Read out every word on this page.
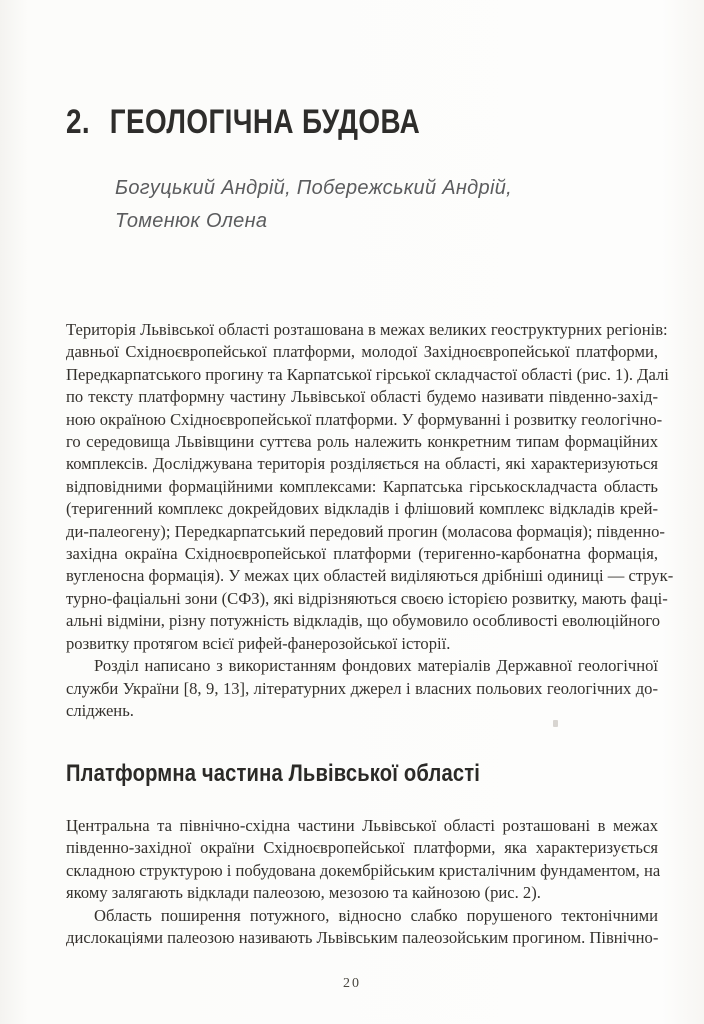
2. ГЕОЛОГІЧНА БУДОВА
Богуцький Андрій, Побережський Андрій,
Томенюк Олена
Територія Львівської області розташована в межах великих геоструктурних регіонів:
давньої Східноєвропейської платформи, молодої Західноєвропейської платформи,
Передкарпатського прогину та Карпатської гірської складчастої області (рис. 1). Далі
по тексту платформну частину Львівської області будемо називати південно-захід-
ною окраїною Східноєвропейської платформи. У формуванні і розвитку геологічно-
го середовища Львівщини суттєва роль належить конкретним типам формаційних
комплексів. Досліджувана територія розділяється на області, які характеризуються
відповідними формаційними комплексами: Карпатська гірськоскладчаста область
(теригенний комплекс докрейдових відкладів і флішовий комплекс відкладів крей-
ди-палеогену); Передкарпатський передовий прогин (моласова формація); південно-
західна окраїна Східноєвропейської платформи (теригенно-карбонатна формація,
вугленосна формація). У межах цих областей виділяються дрібніші одиниці — струк-
турно-фаціальні зони (СФЗ), які відрізняються своєю історією розвитку, мають фаці-
альні відміни, різну потужність відкладів, що обумовило особливості еволюційного
розвитку протягом всієї рифей-фанерозойської історії.
Розділ написано з використанням фондових матеріалів Державної геологічної
служби України [8, 9, 13], літературних джерел і власних польових геологічних до-
сліджень.
Платформна частина Львівської області
Центральна та північно-східна частини Львівської області розташовані в межах
південно-західної окраїни Східноєвропейської платформи, яка характеризується
складною структурою і побудована докембрійським кристалічним фундаментом, на
якому залягають відклади палеозою, мезозою та кайнозою (рис. 2).
Область поширення потужного, відносно слабко порушеного тектонічними
дислокаціями палеозою називають Львівським палеозойським прогином. Північно-
20
